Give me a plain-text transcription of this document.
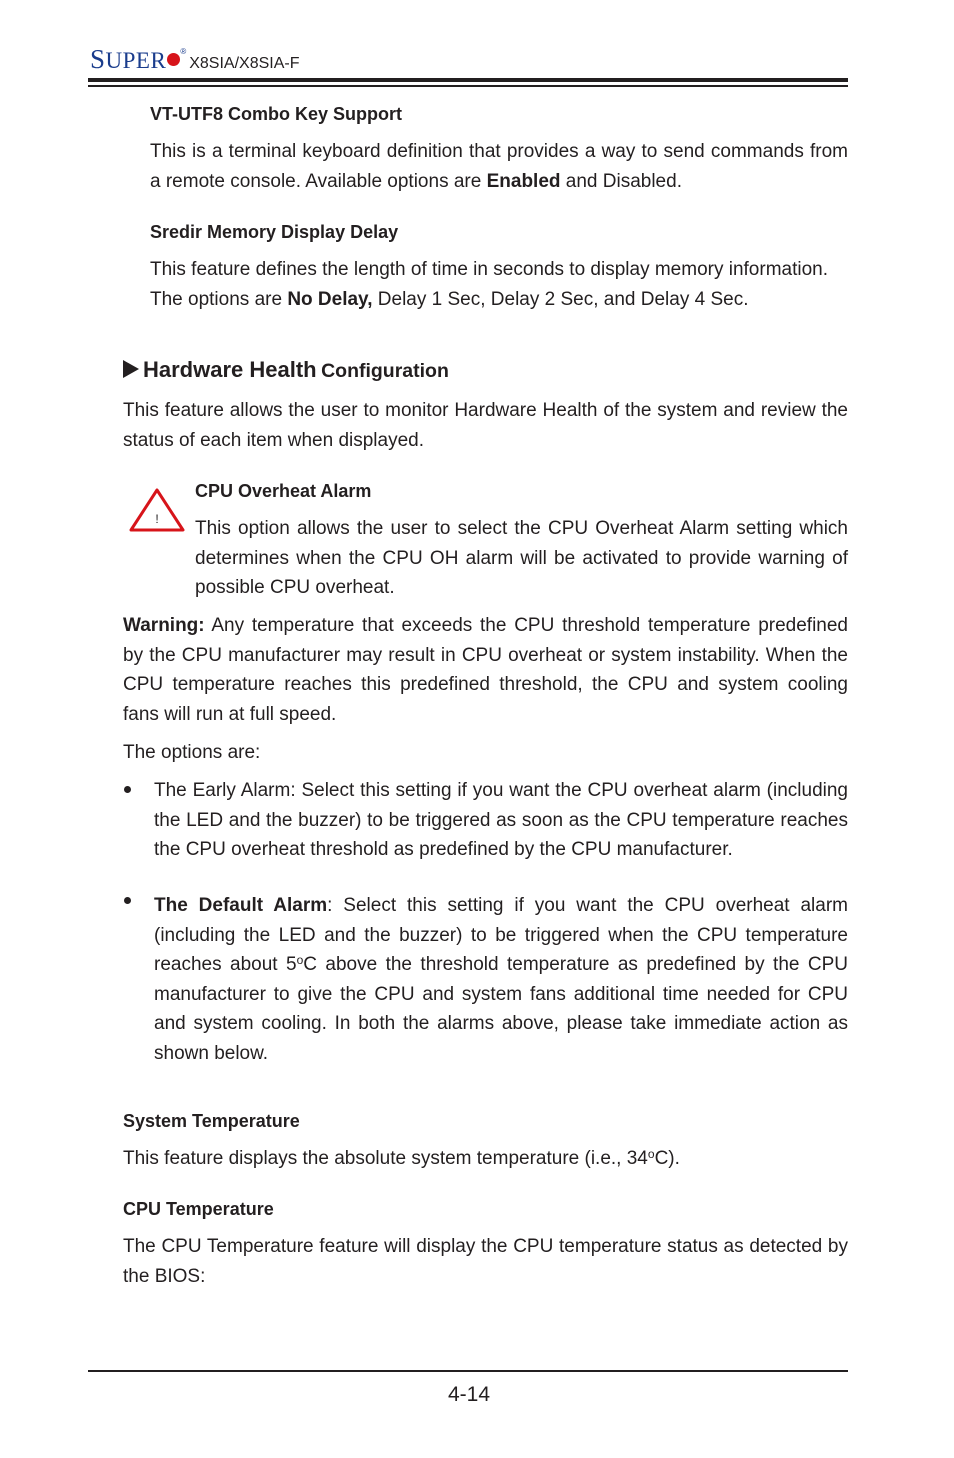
SUPER ®X8SIA/X8SIA-F
VT-UTF8 Combo Key Support

This is a terminal keyboard definition that provides a way to send commands from a remote console. Available options are Enabled and Disabled.

Sredir Memory Display Delay

This feature defines the length of time in seconds to display memory information. The options are No Delay, Delay 1 Sec, Delay 2 Sec, and Delay 4 Sec.

Hardware Health Configuration

This feature allows the user to monitor Hardware Health of the system and review the status of each item when displayed.

!
CPU Overheat Alarm

This option allows the user to select the CPU Overheat Alarm setting which determines when the CPU OH alarm will be activated to provide warning of possible CPU overheat.

Warning: Any temperature that exceeds the CPU threshold temperature predefined by the CPU manufacturer may result in CPU overheat or system instability. When the CPU temperature reaches this predefined threshold, the CPU and system cooling fans will run at full speed.

The options are:

The Early Alarm: Select this setting if you want the CPU overheat alarm (including the LED and the buzzer) to be triggered as soon as the CPU temperature reaches the CPU overheat threshold as predefined by the CPU manufacturer.

The Default Alarm: Select this setting if you want the CPU overheat alarm (including the LED and the buzzer) to be triggered when the CPU temperature reaches about 5$^o$C above the threshold temperature as predefined by the CPU manufacturer to give the CPU and system fans additional time needed for CPU and system cooling. In both the alarms above, please take immediate action as shown below.

System Temperature

This feature displays the absolute system temperature (i.e., 34$^o$C).

CPU Temperature

The CPU Temperature feature will display the CPU temperature status as detected by the BIOS:

4-14
